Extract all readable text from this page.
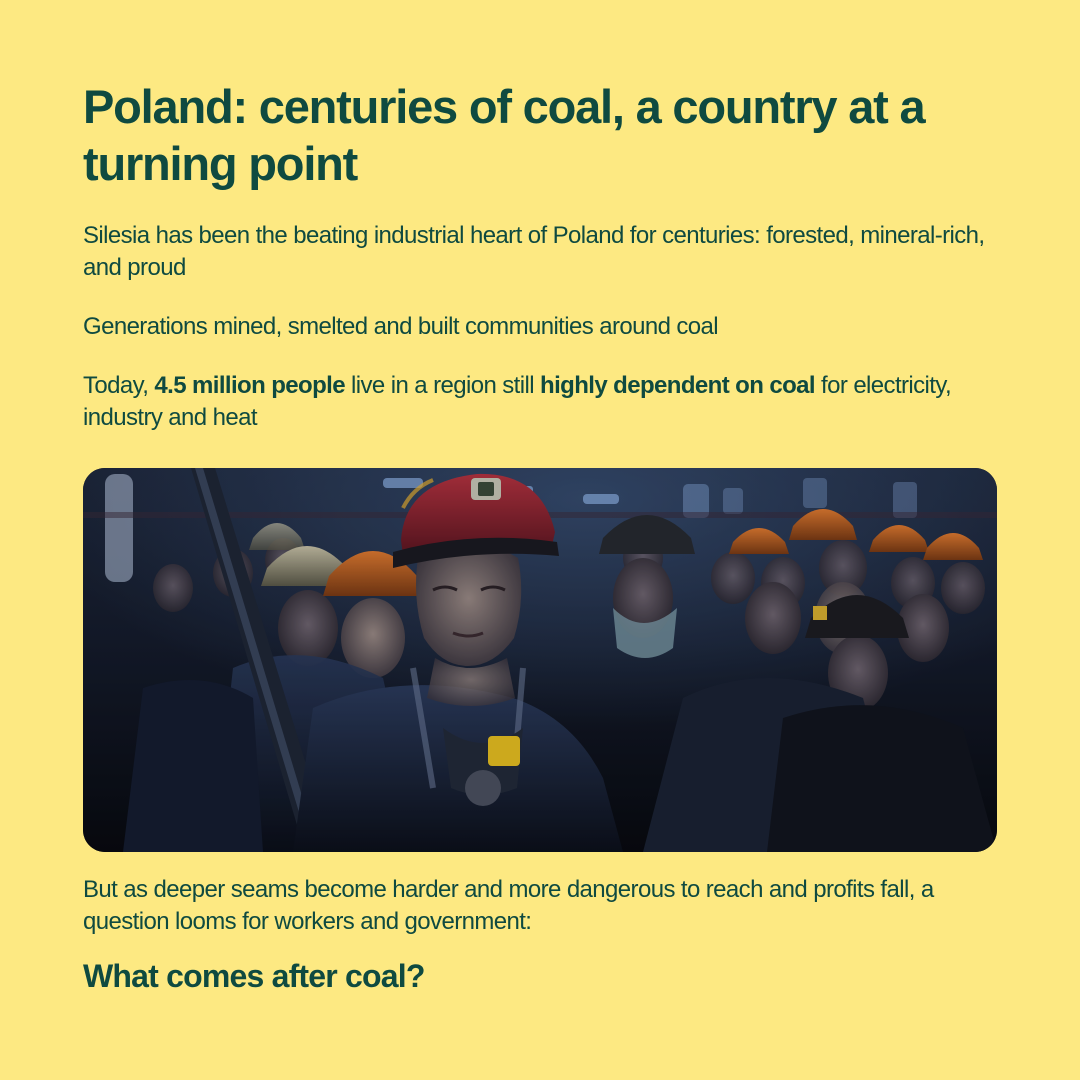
Poland: centuries of coal, a country at a turning point

Silesia has been the beating industrial heart of Poland for centuries: forested, mineral-rich, and proud

Generations mined, smelted and built communities around coal

Today, 4.5 million people live in a region still highly dependent on coal for electricity, industry and heat

But as deeper seams become harder and more dangerous to reach and profits fall, a question looms for workers and government:

What comes after coal?
